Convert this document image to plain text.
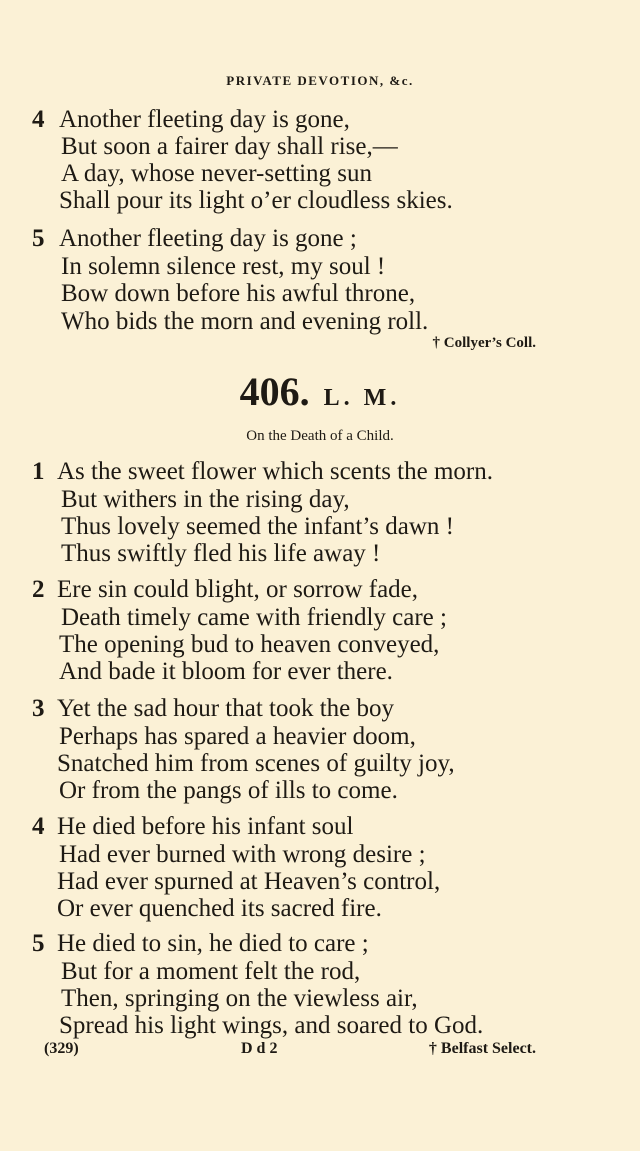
PRIVATE DEVOTION, &c.
4 Another fleeting day is gone,
But soon a fairer day shall rise,—
A day, whose never-setting sun
Shall pour its light o’er cloudless skies.
5 Another fleeting day is gone ;
In solemn silence rest, my soul !
Bow down before his awful throne,
Who bids the morn and evening roll.
† Collyer’s Coll.
406. L. M.
On the Death of a Child.
1 As the sweet flower which scents the morn.
But withers in the rising day,
Thus lovely seemed the infant’s dawn !
Thus swiftly fled his life away !
2 Ere sin could blight, or sorrow fade,
Death timely came with friendly care ;
The opening bud to heaven conveyed,
And bade it bloom for ever there.
3 Yet the sad hour that took the boy
Perhaps has spared a heavier doom,
Snatched him from scenes of guilty joy,
Or from the pangs of ills to come.
4 He died before his infant soul
Had ever burned with wrong desire ;
Had ever spurned at Heaven’s control,
Or ever quenched its sacred fire.
5 He died to sin, he died to care ;
But for a moment felt the rod,
Then, springing on the viewless air,
Spread his light wings, and soared to God.
(329)	D d 2	† Belfast Select.
